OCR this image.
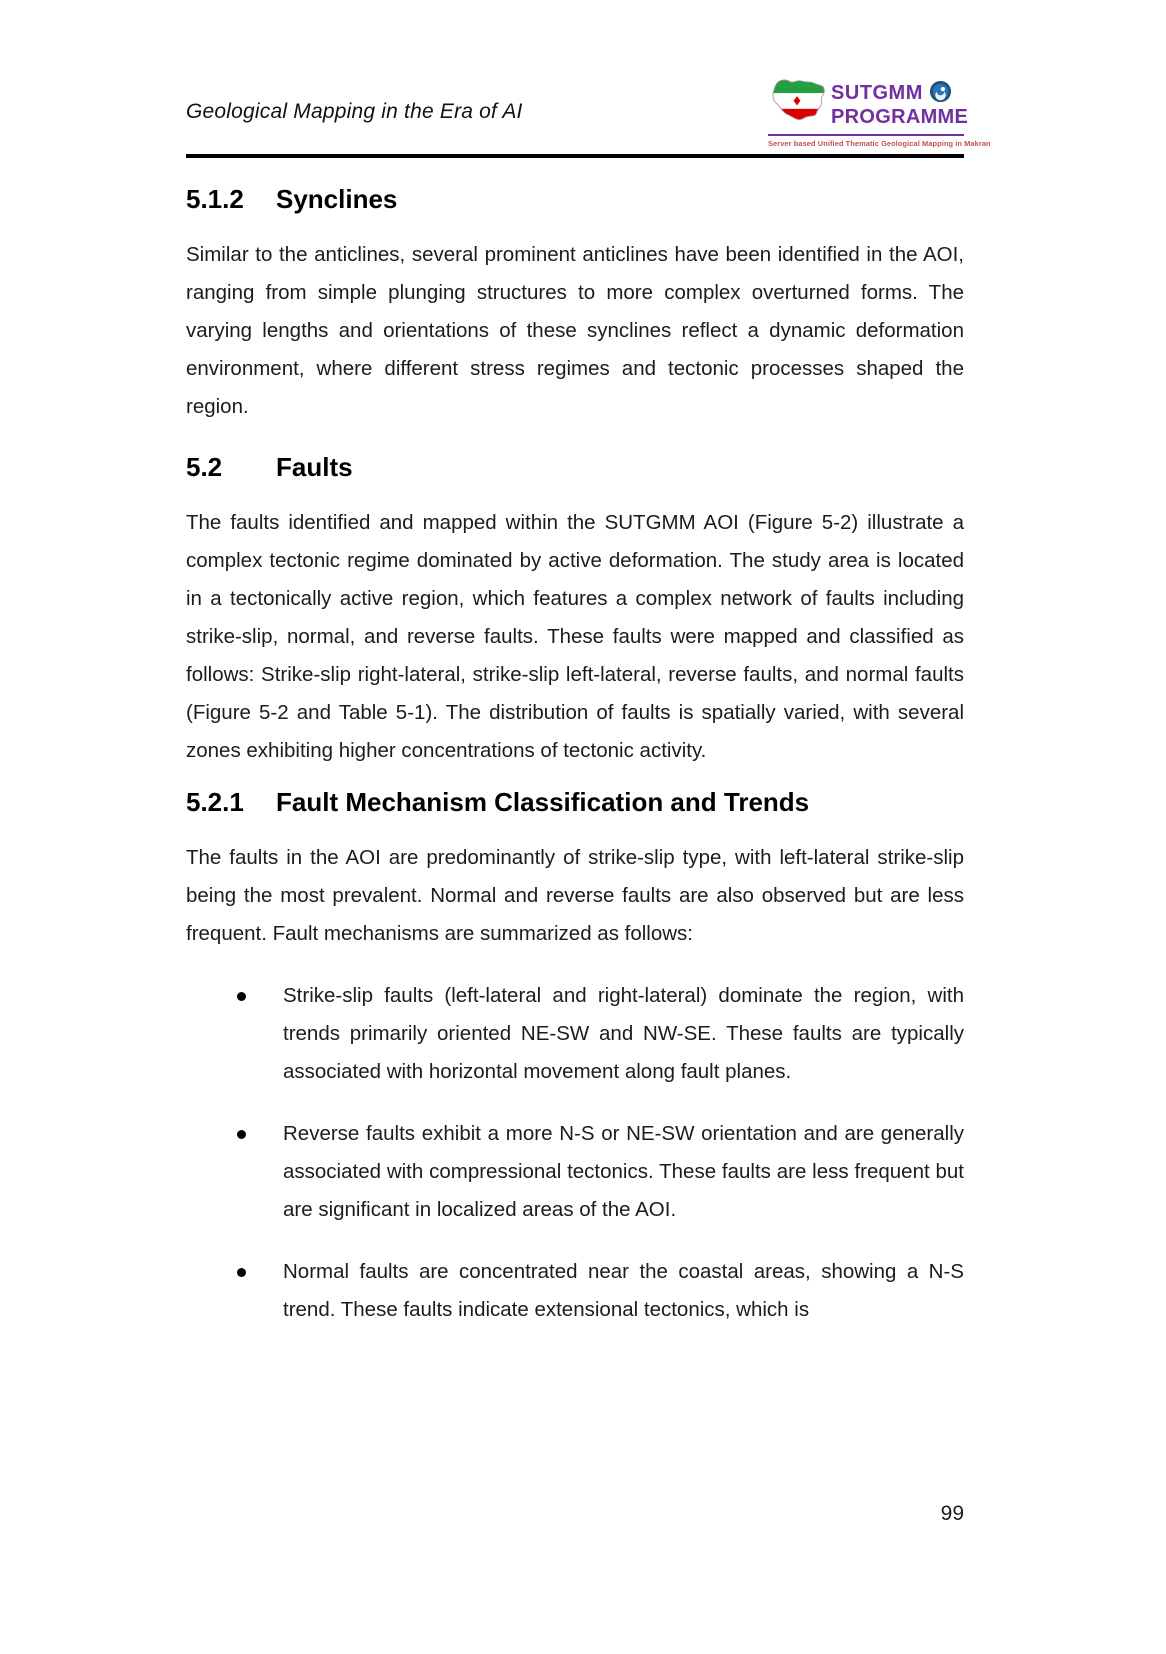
Geological Mapping in the Era of AI
SUTGMM
PROGRAMME
Server based Unified Thematic Geological Mapping in Makran
5.1.2	Synclines

Similar to the anticlines, several prominent anticlines have been identified in the AOI, ranging from simple plunging structures to more complex overturned forms. The varying lengths and orientations of these synclines reflect a dynamic deformation environment, where different stress regimes and tectonic processes shaped the region.

5.2	Faults

The faults identified and mapped within the SUTGMM AOI (Figure 5-2) illustrate a complex tectonic regime dominated by active deformation. The study area is located in a tectonically active region, which features a complex network of faults including strike-slip, normal, and reverse faults. These faults were mapped and classified as follows: Strike-slip right-lateral, strike-slip left-lateral, reverse faults, and normal faults (Figure 5-2 and Table 5-1). The distribution of faults is spatially varied, with several zones exhibiting higher concentrations of tectonic activity.

5.2.1	Fault Mechanism Classification and Trends

The faults in the AOI are predominantly of strike-slip type, with left-lateral strike-slip being the most prevalent. Normal and reverse faults are also observed but are less frequent. Fault mechanisms are summarized as follows:

Strike-slip faults (left-lateral and right-lateral) dominate the region, with trends primarily oriented NE-SW and NW-SE. These faults are typically associated with horizontal movement along fault planes.
Reverse faults exhibit a more N-S or NE-SW orientation and are generally associated with compressional tectonics. These faults are less frequent but are significant in localized areas of the AOI.
Normal faults are concentrated near the coastal areas, showing a N-S trend. These faults indicate extensional tectonics, which is
99
